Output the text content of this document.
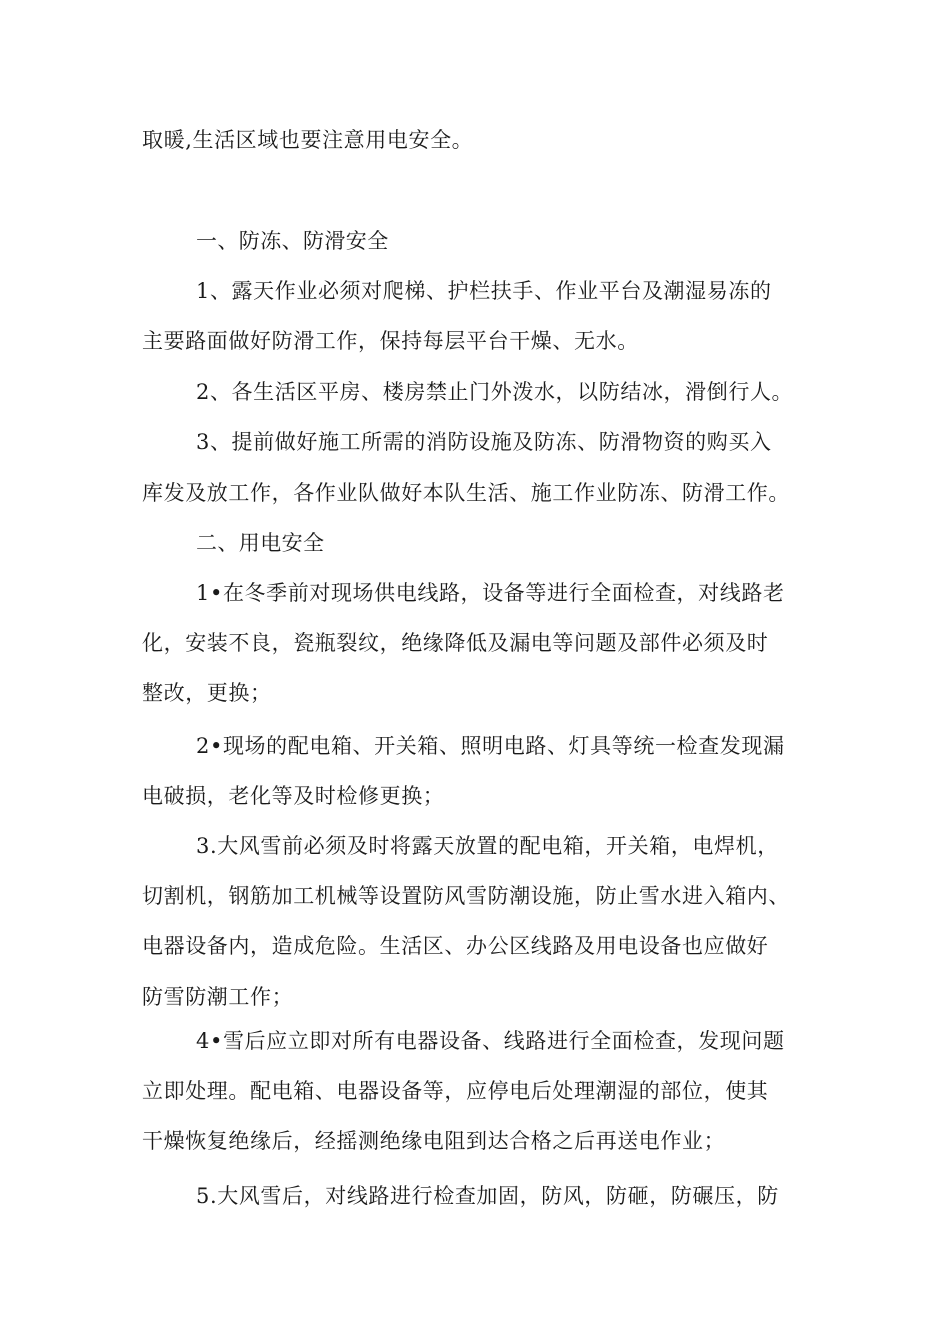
取暖,生活区域也要注意用电安全。
一、防冻、防滑安全
1、露天作业必须对爬梯、护栏扶手、作业平台及潮湿易冻的
主要路面做好防滑工作，保持每层平台干燥、无水。
2、各生活区平房、楼房禁止门外泼水，以防结冰，滑倒行人。
3、提前做好施工所需的消防设施及防冻、防滑物资的购买入
库发及放工作，各作业队做好本队生活、施工作业防冻、防滑工作。
二、用电安全
1•在冬季前对现场供电线路，设备等进行全面检查，对线路老
化，安装不良，瓷瓶裂纹，绝缘降低及漏电等问题及部件必须及时
整改，更换；
2•现场的配电箱、开关箱、照明电路、灯具等统一检查发现漏
电破损，老化等及时检修更换；
3.大风雪前必须及时将露天放置的配电箱，开关箱，电焊机，
切割机，钢筋加工机械等设置防风雪防潮设施，防止雪水进入箱内、
电器设备内，造成危险。生活区、办公区线路及用电设备也应做好
防雪防潮工作；
4•雪后应立即对所有电器设备、线路进行全面检查，发现问题
立即处理。配电箱、电器设备等，应停电后处理潮湿的部位，使其
干燥恢复绝缘后，经摇测绝缘电阻到达合格之后再送电作业；
5.大风雪后，对线路进行检查加固，防风，防砸，防碾压，防
